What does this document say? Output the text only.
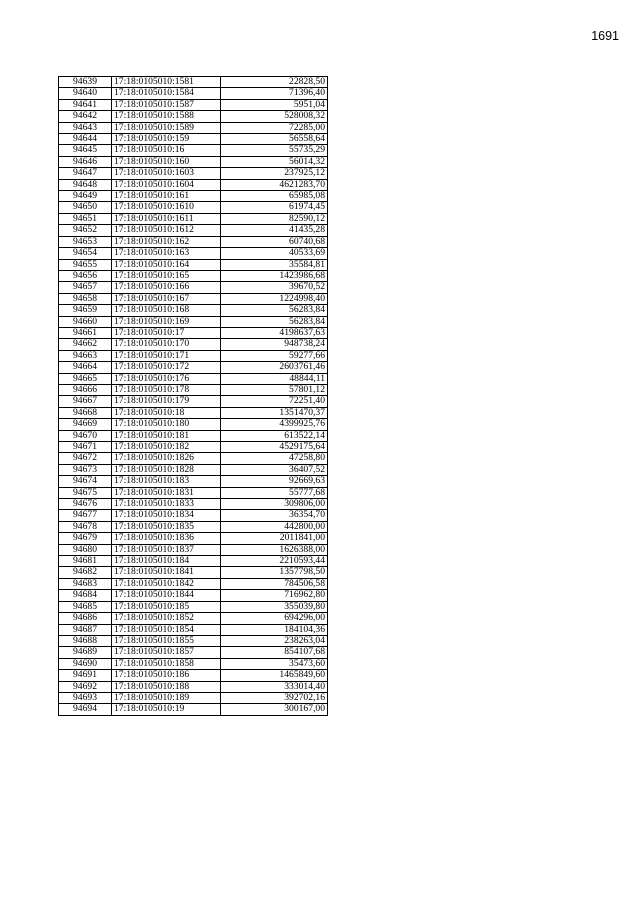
1691
94639	17:18:0105010:1581	22828,50
94640	17:18:0105010:1584	71396,40
94641	17:18:0105010:1587	5951,04
94642	17:18:0105010:1588	528008,32
94643	17:18:0105010:1589	72285,00
94644	17:18:0105010:159	56558,64
94645	17:18:0105010:16	55735,29
94646	17:18:0105010:160	56014,32
94647	17:18:0105010:1603	237925,12
94648	17:18:0105010:1604	4621283,70
94649	17:18:0105010:161	65985,08
94650	17:18:0105010:1610	61974,45
94651	17:18:0105010:1611	82590,12
94652	17:18:0105010:1612	41435,28
94653	17:18:0105010:162	60740,68
94654	17:18:0105010:163	40533,69
94655	17:18:0105010:164	35584,81
94656	17:18:0105010:165	1423986,68
94657	17:18:0105010:166	39670,52
94658	17:18:0105010:167	1224998,40
94659	17:18:0105010:168	56283,84
94660	17:18:0105010:169	56283,84
94661	17:18:0105010:17	4198637,63
94662	17:18:0105010:170	948738,24
94663	17:18:0105010:171	59277,66
94664	17:18:0105010:172	2603761,46
94665	17:18:0105010:176	48844,11
94666	17:18:0105010:178	57801,12
94667	17:18:0105010:179	72251,40
94668	17:18:0105010:18	1351470,37
94669	17:18:0105010:180	4399925,76
94670	17:18:0105010:181	613522,14
94671	17:18:0105010:182	4529175,64
94672	17:18:0105010:1826	47258,80
94673	17:18:0105010:1828	36407,52
94674	17:18:0105010:183	92669,63
94675	17:18:0105010:1831	55777,68
94676	17:18:0105010:1833	309806,00
94677	17:18:0105010:1834	36354,70
94678	17:18:0105010:1835	442800,00
94679	17:18:0105010:1836	2011841,00
94680	17:18:0105010:1837	1626388,00
94681	17:18:0105010:184	2210593,44
94682	17:18:0105010:1841	1357798,50
94683	17:18:0105010:1842	784506,58
94684	17:18:0105010:1844	716962,80
94685	17:18:0105010:185	355039,80
94686	17:18:0105010:1852	694296,00
94687	17:18:0105010:1854	184104,36
94688	17:18:0105010:1855	238263,04
94689	17:18:0105010:1857	854107,68
94690	17:18:0105010:1858	35473,60
94691	17:18:0105010:186	1465849,60
94692	17:18:0105010:188	333014,40
94693	17:18:0105010:189	392702,16
94694	17:18:0105010:19	300167,00
